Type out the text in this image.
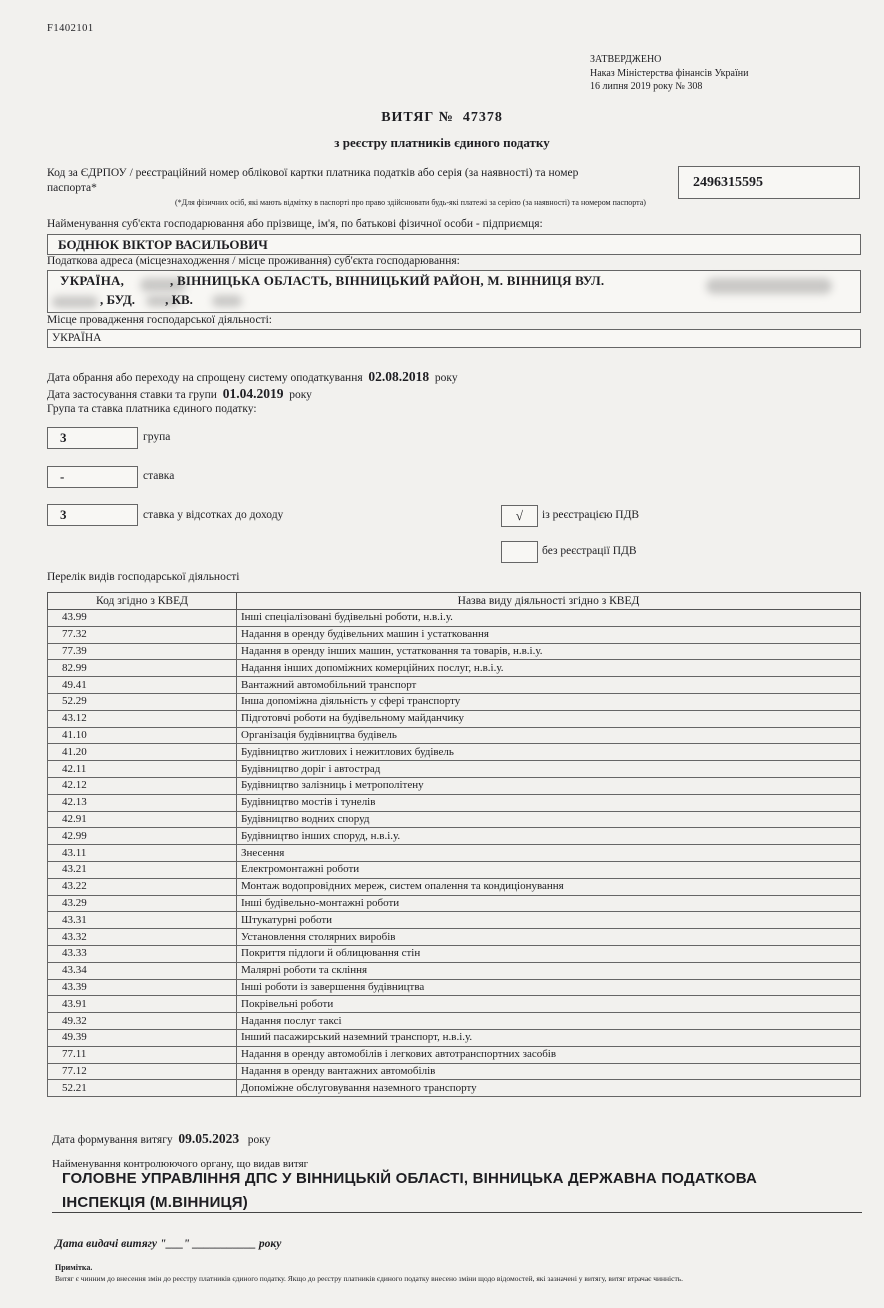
F1402101
ЗАТВЕРДЖЕНО
Наказ Міністерства фінансів України
16 липня 2019 року № 308
ВИТЯГ № 47378
з реєстру платників єдиного податку
Код за ЄДРПОУ / реєстраційний номер облікової картки платника податків або серія (за наявності) та номер
паспорта*	2496315595
(*Для фізичних осіб, які мають відмітку в паспорті про право здійснювати будь-які платежі за серією (за наявності) та номером паспорта)
Найменування суб'єкта господарювання або прізвище, ім'я, по батькові фізичної особи - підприємця:
БОДНЮК ВІКТОР ВАСИЛЬОВИЧ
Податкова адреса (місцезнаходження / місце проживання) суб'єкта господарювання:
УКРАЇНА,	, ВІННИЦЬКА ОБЛАСТЬ, ВІННИЦЬКИЙ РАЙОН, М. ВІННИЦЯ ВУЛ.
, БУД. , КВ.
Місце провадження господарської діяльності:
УКРАЇНА
Дата обрання або переходу на спрощену систему оподаткування 02.08.2018 року
Дата застосування ставки та групи 01.04.2019 року
Група та ставка платника єдиного податку:
3	група
-	ставка
3	ставка у відсотках до доходу	√	із реєстрацією ПДВ
без реєстрації ПДВ
Перелік видів господарської діяльності
Код згідно з КВЕД	Назва виду діяльності згідно з КВЕД
43.99	Інші спеціалізовані будівельні роботи, н.в.і.у.
77.32	Надання в оренду будівельних машин і устатковання
77.39	Надання в оренду інших машин, устатковання та товарів, н.в.і.у.
82.99	Надання інших допоміжних комерційних послуг, н.в.і.у.
49.41	Вантажний автомобільний транспорт
52.29	Інша допоміжна діяльність у сфері транспорту
43.12	Підготовчі роботи на будівельному майданчику
41.10	Організація будівництва будівель
41.20	Будівництво житлових і нежитлових будівель
42.11	Будівництво доріг і автострад
42.12	Будівництво залізниць і метрополітену
42.13	Будівництво мостів і тунелів
42.91	Будівництво водних споруд
42.99	Будівництво інших споруд, н.в.і.у.
43.11	Знесення
43.21	Електромонтажні роботи
43.22	Монтаж водопровідних мереж, систем опалення та кондиціонування
43.29	Інші будівельно-монтажні роботи
43.31	Штукатурні роботи
43.32	Установлення столярних виробів
43.33	Покриття підлоги й облицювання стін
43.34	Малярні роботи та скління
43.39	Інші роботи із завершення будівництва
43.91	Покрівельні роботи
49.32	Надання послуг таксі
49.39	Інший пасажирський наземний транспорт, н.в.і.у.
77.11	Надання в оренду автомобілів і легкових автотранспортних засобів
77.12	Надання в оренду вантажних автомобілів
52.21	Допоміжне обслуговування наземного транспорту
Дата формування витягу 09.05.2023 року
Найменування контролюючого органу, що видав витяг
ГОЛОВНЕ УПРАВЛІННЯ ДПС У ВІННИЦЬКІЙ ОБЛАСТІ, ВІННИЦЬКА ДЕРЖАВНА ПОДАТКОВА
ІНСПЕКЦІЯ (М.ВІННИЦЯ)
Дата видачі витягу "___" ___________ року
Примітка.
Витяг є чинним до внесення змін до реєстру платників єдиного податку. Якщо до реєстру платників єдиного податку внесено зміни щодо відомостей, які зазначені у витягу, витяг втрачає чинність.
